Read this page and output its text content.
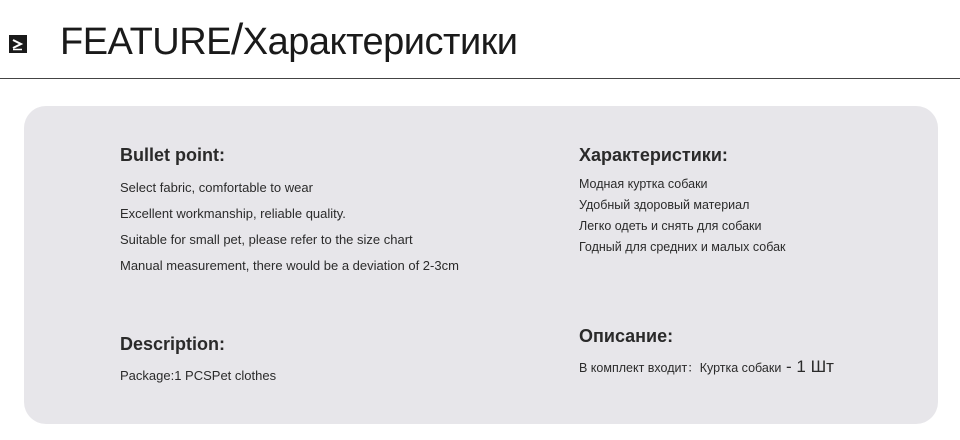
FEATURE/Характеристики
Bullet point:
Select fabric, comfortable to wear
Excellent workmanship, reliable quality.
Suitable for small pet, please refer to the size chart
Manual measurement, there would be a deviation of 2-3cm
Характеристики:
Модная куртка собаки
Удобный здоровый материал
Легко одеть и снять для собаки
Годный для средних и малых собак
Description:
Package:1 PCSPet clothes
Описание:
В комплект входит：Куртка собаки - 1 Шт
